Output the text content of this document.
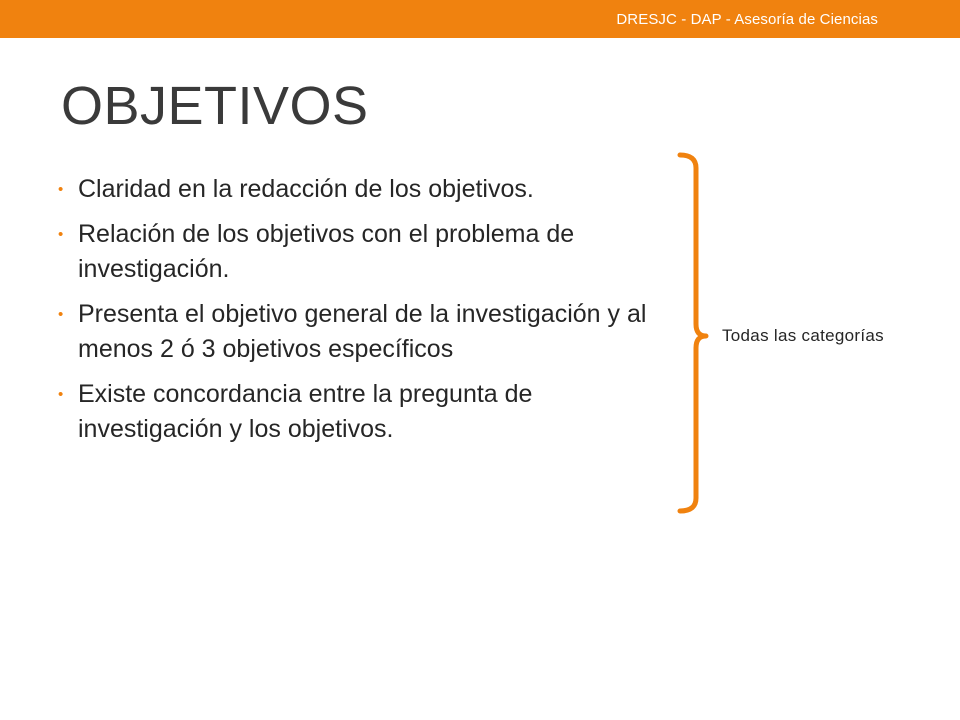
DRESJC - DAP - Asesoría de Ciencias
OBJETIVOS
• Claridad en la redacción de los objetivos.
• Relación de los objetivos con el problema de investigación.
• Presenta el objetivo general de la investigación y al menos 2 ó 3 objetivos específicos
• Existe concordancia entre la pregunta de investigación y los objetivos.
Todas las categorías
